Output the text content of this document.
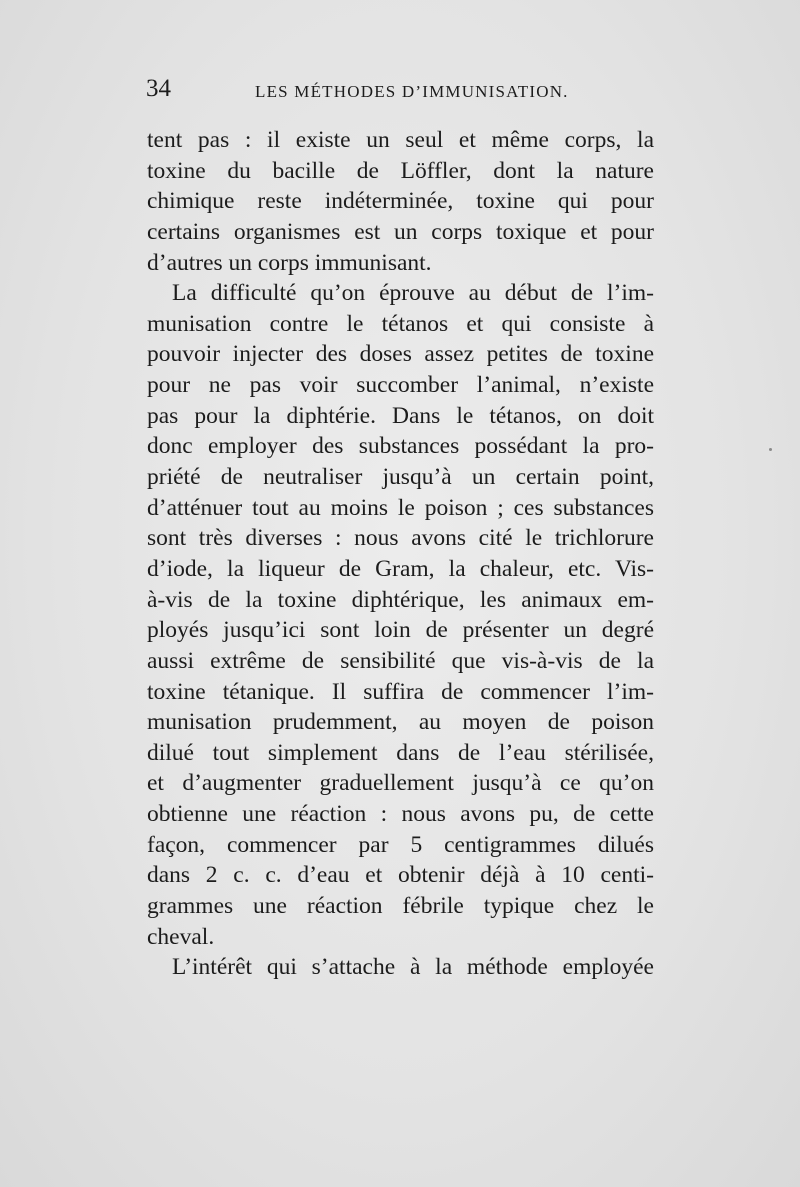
34	LES MÉTHODES D’IMMUNISATION.
tent pas : il existe un seul et même corps, la
toxine du bacille de Löffler, dont la nature
chimique reste indéterminée, toxine qui pour
certains organismes est un corps toxique et pour
d’autres un corps immunisant.
La difficulté qu’on éprouve au début de l’im-
munisation contre le tétanos et qui consiste à
pouvoir injecter des doses assez petites de toxine
pour ne pas voir succomber l’animal, n’existe
pas pour la diphtérie. Dans le tétanos, on doit
donc employer des substances possédant la pro-
priété de neutraliser jusqu’à un certain point,
d’atténuer tout au moins le poison ; ces substances
sont très diverses : nous avons cité le trichlorure
d’iode, la liqueur de Gram, la chaleur, etc. Vis-
à-vis de la toxine diphtérique, les animaux em-
ployés jusqu’ici sont loin de présenter un degré
aussi extrême de sensibilité que vis-à-vis de la
toxine tétanique. Il suffira de commencer l’im-
munisation prudemment, au moyen de poison
dilué tout simplement dans de l’eau stérilisée,
et d’augmenter graduellement jusqu’à ce qu’on
obtienne une réaction : nous avons pu, de cette
façon, commencer par 5 centigrammes dilués
dans 2 c. c. d’eau et obtenir déjà à 10 centi-
grammes une réaction fébrile typique chez le
cheval.
L’intérêt qui s’attache à la méthode employée
